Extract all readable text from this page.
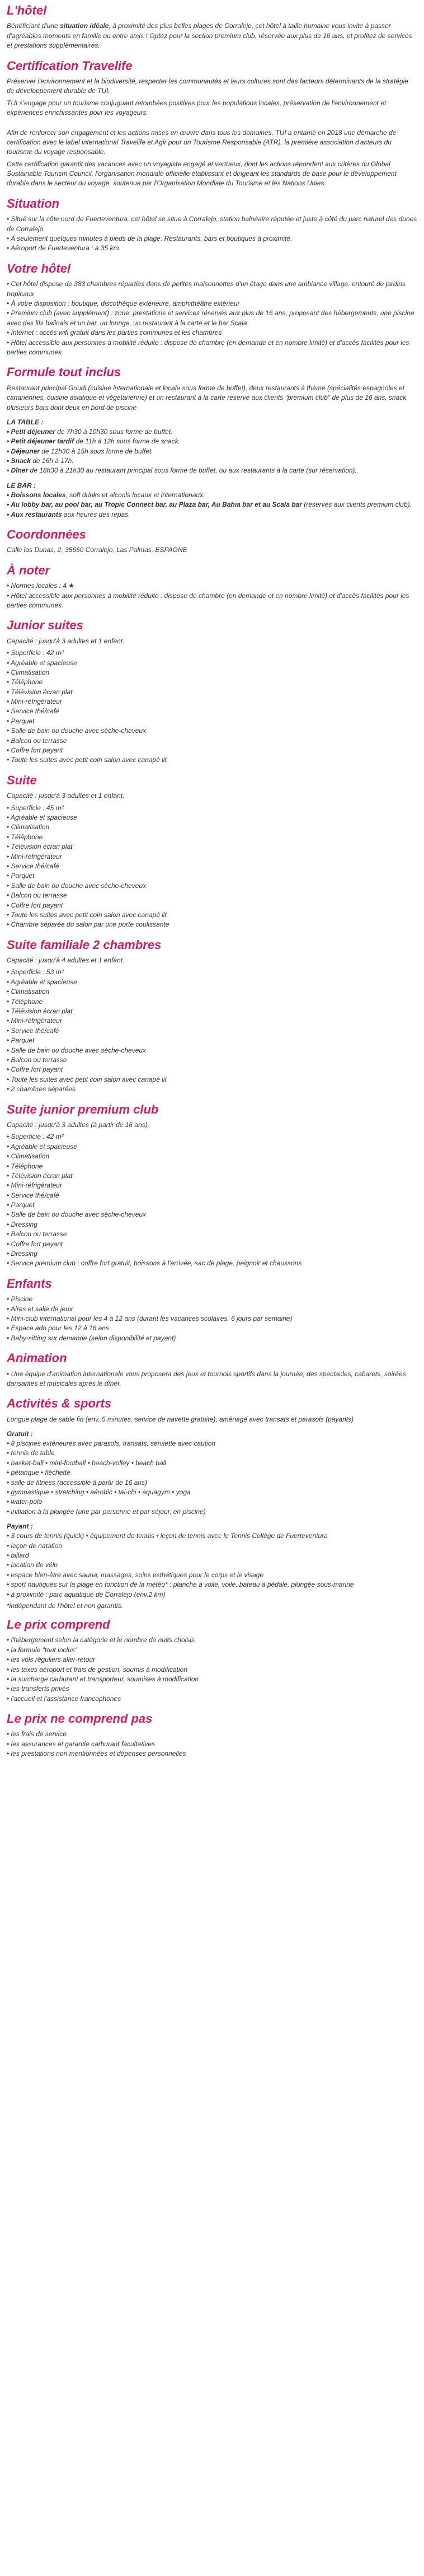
L'hôtel

Bénéficiant d'une situation idéale, à proximité des plus belles plages de Corralejo, cet hôtel à taille humaine vous invite à passer d'agréables moments en famille ou entre amis ! Optez pour la section premium club, réservée aux plus de 16 ans, et profitez de services et prestations supplémentaires.

Certification Travelife

Préserver l'environnement et la biodiversité, respecter les communautés et leurs cultures sont des facteurs déterminants de la stratégie de développement durable de TUI.

TUI s'engage pour un tourisme conjuguant retombées positives pour les populations locales, préservation de l'environnement et expériences enrichissantes pour les voyageurs.

Afin de renforcer son engagement et les actions mises en œuvre dans tous les domaines, TUI a entamé en 2018 une démarche de certification avec le label international Travelife et Agir pour un Tourisme Responsable (ATR), la première association d'acteurs du tourisme du voyage responsable.

Cette certification garantit des vacances avec un voyagiste engagé et vertueux, dont les actions répondent aux critères du Global Sustainable Tourism Council, l'organisation mondiale officielle établissant et dirigeant les standards de base pour le développement durable dans le secteur du voyage, soutenue par l'Organisation Mondiale du Tourisme et les Nations Unies.

Situation
• Situé sur la côte nord de Fuerteventura, cet hôtel se situe à Corralejo, station balnéaire réputée et juste à côté du parc naturel des dunes de Corralejo.
• A seulement quelques minutes à pieds de la plage. Restaurants, bars et boutiques à proximité.
• Aéroport de Fuerteventura : à 35 km.
Votre hôtel
• Cet hôtel dispose de 383 chambres réparties dans de petites maisonnettes d'un étage dans une ambiance village, entouré de jardins tropicaux
• À votre disposition : boutique, discothèque extérieure, amphithéâtre extérieur
• Premium club (avec supplément) : zone, prestations et services réservés aux plus de 16 ans, proposant des hébergements, une piscine avec des lits balinais et un bar, un lounge, un restaurant à la carte et le bar Scala
• Internet : accès wifi gratuit dans les parties communes et les chambres
• Hôtel accessible aux personnes à mobilité réduite : dispose de chambre (en demande et en nombre limité) et d'accès facilités pour les parties communes
Formule tout inclus

Restaurant principal Goudi (cuisine internationale et locale sous forme de buffet), deux restaurants à thème (spécialités espagnoles et canariennes, cuisine asiatique et végétarienne) et un restaurant à la carte réservé aux clients "premium club" de plus de 16 ans, snack, plusieurs bars dont deux en bord de piscine

LA TABLE :
• Petit déjeuner de 7h30 à 10h30 sous forme de buffet.
• Petit déjeuner tardif de 11h à 12h sous forme de snack.
• Déjeuner de 12h30 à 15h sous forme de buffet.
• Snack de 16h à 17h.
• Dîner de 18h30 à 21h30 au restaurant principal sous forme de buffet, ou aux restaurants à la carte (sur réservation).
LE BAR :
• Boissons locales, soft drinks et alcools locaux et internationaux.
• Au lobby bar, au pool bar, au Tropic Connect bar, au Plaza bar, Au Bahia bar et au Scala bar (réservés aux clients premium club).
• Aux restaurants aux heures des repas.
Coordonnées

Calle los Dunas, 2, 35660 Corralejo, Las Palmas, ESPAGNE

À noter
• Normes locales : 4 ★
• Hôtel accessible aux personnes à mobilité réduite : dispose de chambre (en demande et en nombre limité) et d'accès facilités pour les parties communes.
Junior suites

Capacité : jusqu'à 3 adultes et 1 enfant.

• Superficie : 42 m²
• Agréable et spacieuse
• Climatisation
• Téléphone
• Télévision écran plat
• Mini-réfrigérateur
• Service thé/café
• Parquet
• Salle de bain ou douche avec sèche-cheveux
• Balcon ou terrasse
• Coffre fort payant
• Toute les suites avec petit coin salon avec canapé lit
Suite

Capacité : jusqu'à 3 adultes et 1 enfant.

• Superficie : 45 m²
• Agréable et spacieuse
• Climatisation
• Téléphone
• Télévision écran plat
• Mini-réfrigérateur
• Service thé/café
• Parquet
• Salle de bain ou douche avec sèche-cheveux
• Balcon ou terrasse
• Coffre fort payant
• Toute les suites avec petit coin salon avec canapé lit
• Chambre séparée du salon par une porte coulissante
Suite familiale 2 chambres

Capacité : jusqu'à 4 adultes et 1 enfant.

• Superficie : 53 m²
• Agréable et spacieuse
• Climatisation
• Téléphone
• Télévision écran plat
• Mini-réfrigérateur
• Service thé/café
• Parquet
• Salle de bain ou douche avec sèche-cheveux
• Balcon ou terrasse
• Coffre fort payant
• Toute les suites avec petit coin salon avec canapé lit
• 2 chambres séparées
Suite junior premium club

Capacité : jusqu'à 3 adultes (à partir de 16 ans).

• Superficie : 42 m²
• Agréable et spacieuse
• Climatisation
• Téléphone
• Télévision écran plat
• Mini-réfrigérateur
• Service thé/café
• Parquet
• Salle de bain ou douche avec sèche-cheveux
• Dressing
• Balcon ou terrasse
• Coffre fort payant
• Dressing
• Service premium club : coffre fort gratuit, boissons à l'arrivée, sac de plage, peignoir et chaussons
Enfants
• Piscine
• Aires et salle de jeux
• Mini-club international pour les 4 à 12 ans (durant les vacances scolaires, 6 jours par semaine)
• Espace ado pour les 12 à 16 ans
• Baby-sitting sur demande (selon disponibilité et payant)
Animation
• Une équipe d'animation internationale vous proposera des jeux et tournois sportifs dans la journée, des spectacles, cabarets, soirées dansantes et musicales après le dîner.
Activités & sports

Longue plage de sable fin (env. 5 minutes, service de navette gratuite), aménagé avec transats et parasols (payants)

Gratuit :
• 8 piscines extérieures avec parasols, transats, serviette avec caution
• tennis de table
• basket-ball • mini-football • beach-volley • beach ball
• pétanque • fléchette
• salle de fitness (accessible à partir de 16 ans)
• gymnastique • stretching • aérobic • tai-chi • aquagym • yoga
• water-polo
• initiation à la plongée (une par personne et par séjour, en piscine)
Payant :
• 3 cours de tennis (quick) • équipement de tennis • leçon de tennis avec le Tennis Collège de Fuerteventura
• leçon de natation
• billard
• location de vélo
• espace bien-être avec sauna, massages, soins esthétiques pour le corps et le visage
• sport nautiques sur la plage en fonction de la météo* : planche à voile, voile, bateau à pédale, plongée sous-marine
• à proximité : parc aquatique de Corralejo (env.2 km)

*indépendant de l'hôtel et non garantis.

Le prix comprend
• l'hébergement selon la catégorie et le nombre de nuits choisis
• la formule "tout inclus"
• les vols réguliers aller-retour
• les taxes aéroport et frais de gestion, soumis à modification
• la surcharge carburant et transporteur, soumises à modification
• les transferts privés
• l'accueil et l'assistance francophones
Le prix ne comprend pas
• les frais de service
• les assurances et garantie carburant facultatives
• les prestations non mentionnées et dépenses personnelles
